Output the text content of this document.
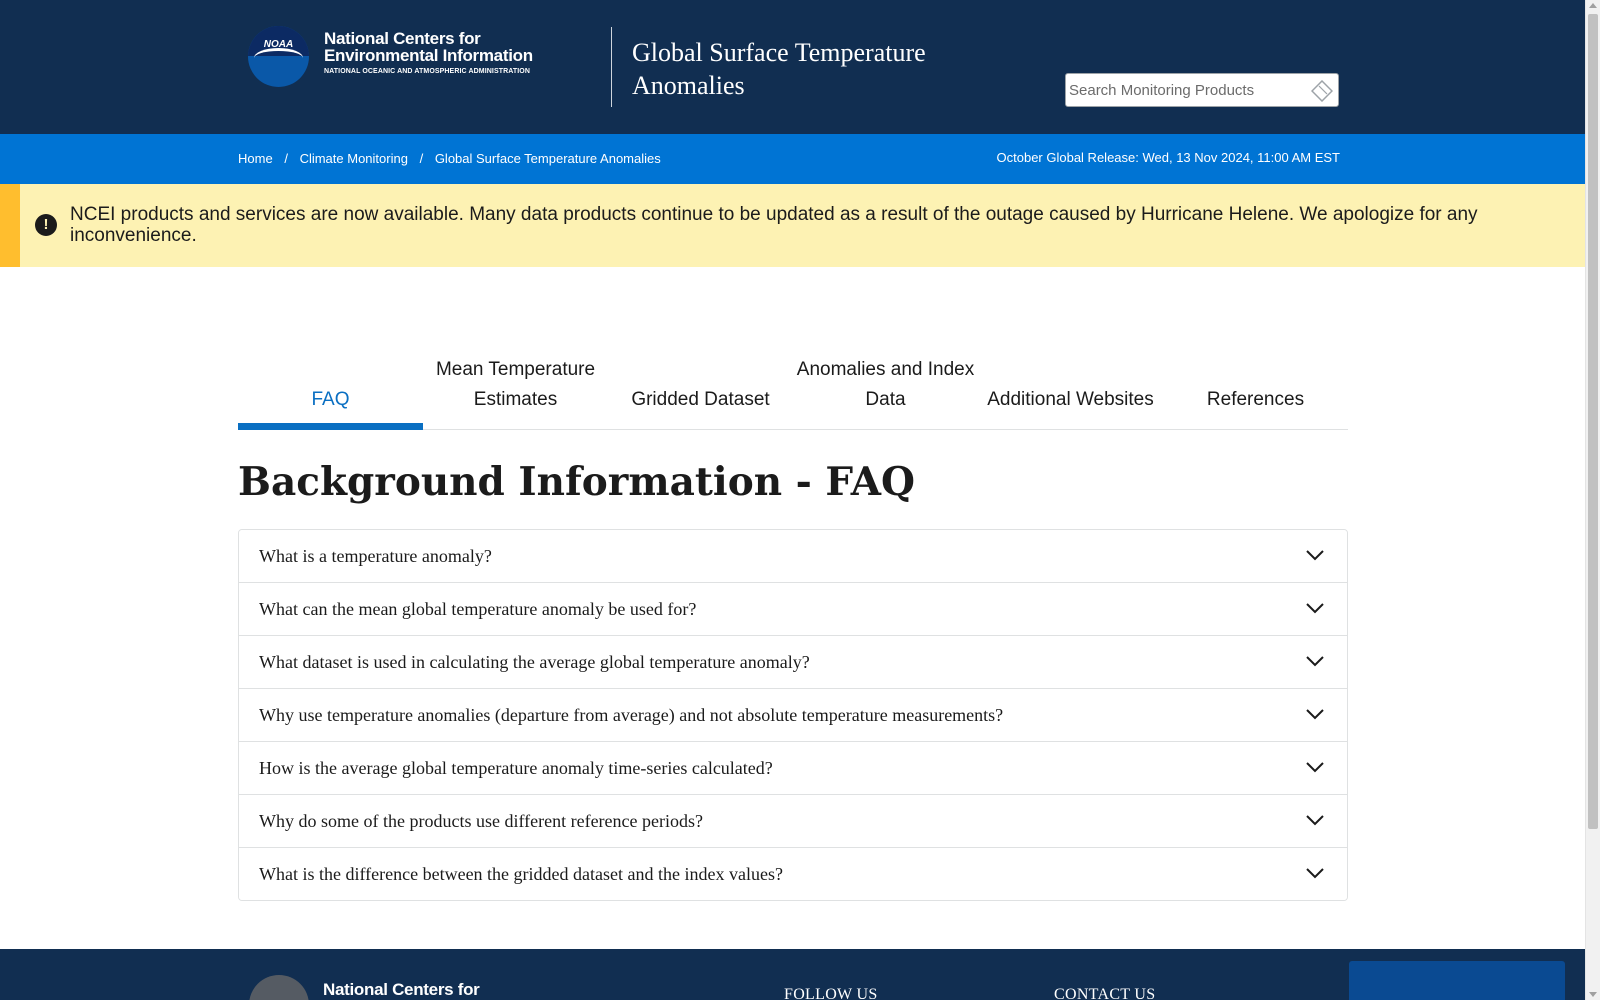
NOAA	National Centers for
Environmental Information
NATIONAL OCEANIC AND ATMOSPHERIC ADMINISTRATION
Global Surface Temperature Anomalies
Search Monitoring Products
Home / Climate Monitoring / Global Surface Temperature Anomalies	October Global Release: Wed, 13 Nov 2024, 11:00 AM EST
!	NCEI products and services are now available. Many data products continue to be updated as a result of the outage caused by Hurricane Helene. We apologize for any inconvenience.
FAQ
Mean Temperature Estimates	Gridded Dataset
Anomalies and Index Data	Additional Websites	References
Background Information - FAQ
What is a temperature anomaly?
What can the mean global temperature anomaly be used for?
What dataset is used in calculating the average global temperature anomaly?
Why use temperature anomalies (departure from average) and not absolute temperature measurements?
How is the average global temperature anomaly time-series calculated?
Why do some of the products use different reference periods?
What is the difference between the gridded dataset and the index values?
National Centers for	FOLLOW US	CONTACT US
